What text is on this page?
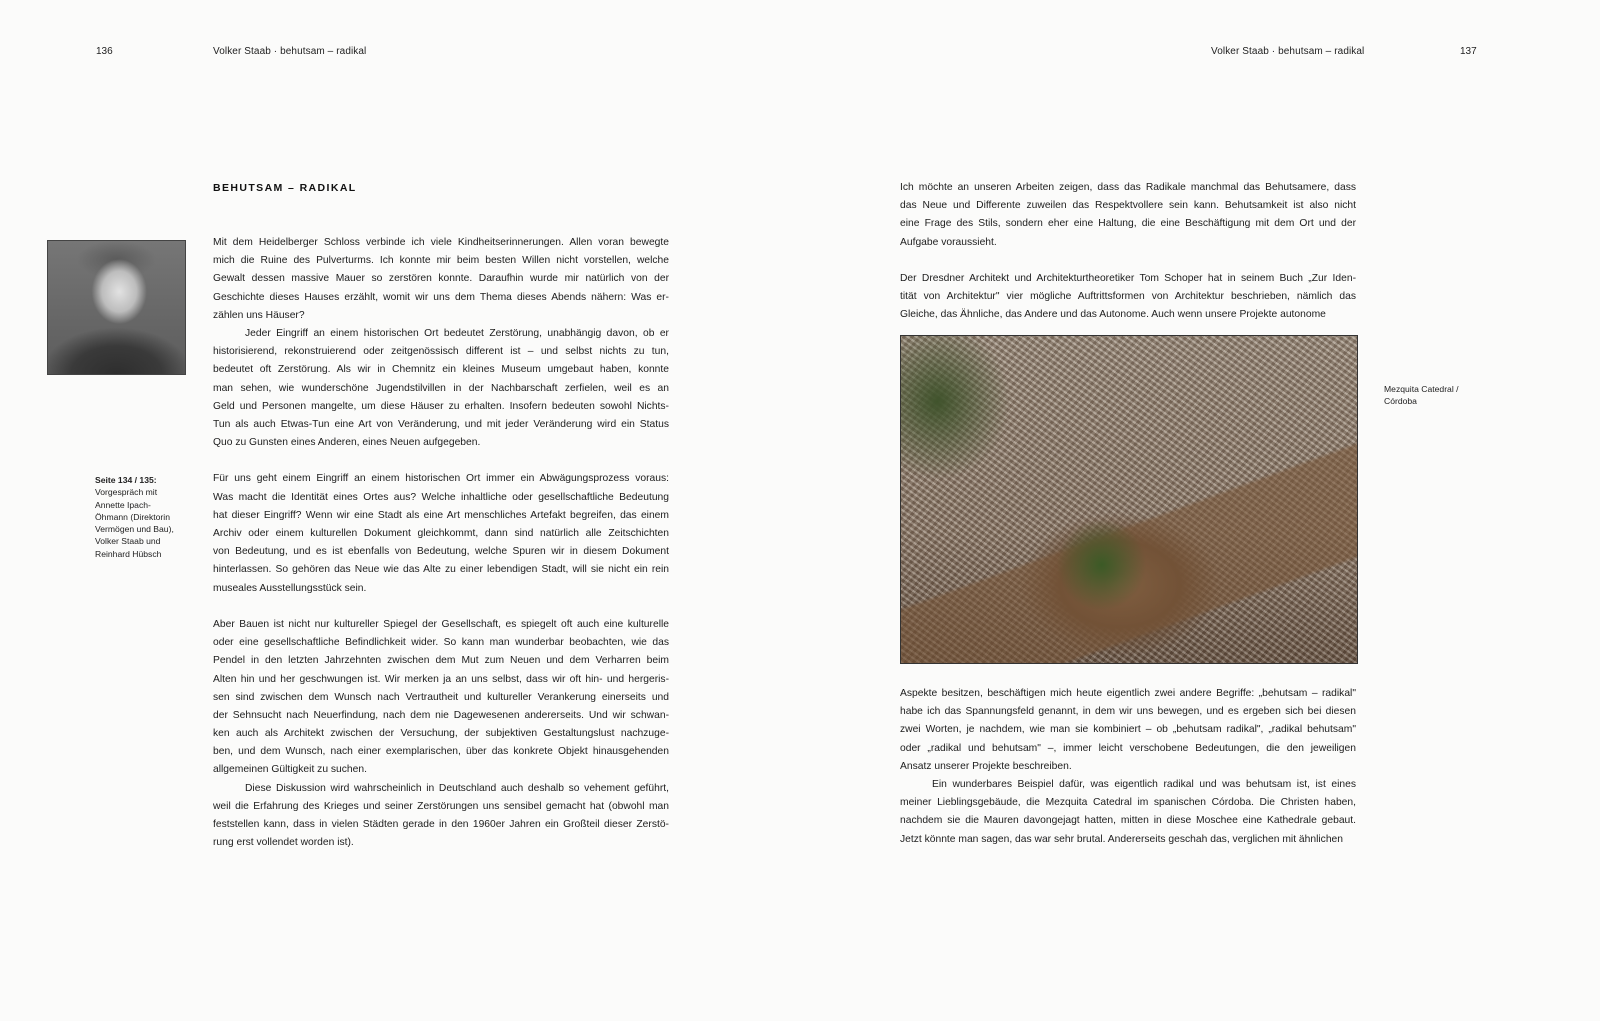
136	Volker Staab · behutsam – radikal
BEHUTSAM – RADIKAL
Seite 134 / 135:
Vorgespräch mit
Annette Ipach-
Öhmann (Direktorin
Vermögen und Bau),
Volker Staab und
Reinhard Hübsch
Mit dem Heidelberger Schloss verbinde ich viele Kindheitserinnerungen. Allen voran bewegte
mich die Ruine des Pulverturms. Ich konnte mir beim besten Willen nicht vorstellen, welche
Gewalt dessen massive Mauer so zerstören konnte. Daraufhin wurde mir natürlich von der
Geschichte dieses Hauses erzählt, womit wir uns dem Thema dieses Abends nähern: Was er-
zählen uns Häuser?
Jeder Eingriff an einem historischen Ort bedeutet Zerstörung, unabhängig davon, ob er
historisierend, rekonstruierend oder zeitgenössisch different ist – und selbst nichts zu tun,
bedeutet oft Zerstörung. Als wir in Chemnitz ein kleines Museum umgebaut haben, konnte
man sehen, wie wunderschöne Jugendstilvillen in der Nachbarschaft zerfielen, weil es an
Geld und Personen mangelte, um diese Häuser zu erhalten. Insofern bedeuten sowohl Nichts-
Tun als auch Etwas-Tun eine Art von Veränderung, und mit jeder Veränderung wird ein Status
Quo zu Gunsten eines Anderen, eines Neuen aufgegeben.
Für uns geht einem Eingriff an einem historischen Ort immer ein Abwägungsprozess voraus:
Was macht die Identität eines Ortes aus? Welche inhaltliche oder gesellschaftliche Bedeutung
hat dieser Eingriff? Wenn wir eine Stadt als eine Art menschliches Artefakt begreifen, das einem
Archiv oder einem kulturellen Dokument gleichkommt, dann sind natürlich alle Zeitschichten
von Bedeutung, und es ist ebenfalls von Bedeutung, welche Spuren wir in diesem Dokument
hinterlassen. So gehören das Neue wie das Alte zu einer lebendigen Stadt, will sie nicht ein rein
museales Ausstellungsstück sein.
Aber Bauen ist nicht nur kultureller Spiegel der Gesellschaft, es spiegelt oft auch eine kulturelle
oder eine gesellschaftliche Befindlichkeit wider. So kann man wunderbar beobachten, wie das
Pendel in den letzten Jahrzehnten zwischen dem Mut zum Neuen und dem Verharren beim
Alten hin und her geschwungen ist. Wir merken ja an uns selbst, dass wir oft hin- und hergeris-
sen sind zwischen dem Wunsch nach Vertrautheit und kultureller Verankerung einerseits und
der Sehnsucht nach Neuerfindung, nach dem nie Dagewesenen andererseits. Und wir schwan-
ken auch als Architekt zwischen der Versuchung, der subjektiven Gestaltungslust nachzuge-
ben, und dem Wunsch, nach einer exemplarischen, über das konkrete Objekt hinausgehenden
allgemeinen Gültigkeit zu suchen.
Diese Diskussion wird wahrscheinlich in Deutschland auch deshalb so vehement geführt,
weil die Erfahrung des Krieges und seiner Zerstörungen uns sensibel gemacht hat (obwohl man
feststellen kann, dass in vielen Städten gerade in den 1960er Jahren ein Großteil dieser Zerstö-
rung erst vollendet worden ist).
Volker Staab · behutsam – radikal	137
Ich möchte an unseren Arbeiten zeigen, dass das Radikale manchmal das Behutsamere, dass
das Neue und Differente zuweilen das Respektvollere sein kann. Behutsamkeit ist also nicht
eine Frage des Stils, sondern eher eine Haltung, die eine Beschäftigung mit dem Ort und der
Aufgabe voraussieht.
Der Dresdner Architekt und Architekturtheoretiker Tom Schoper hat in seinem Buch „Zur Iden-
tität von Architektur" vier mögliche Auftrittsformen von Architektur beschrieben, nämlich das
Gleiche, das Ähnliche, das Andere und das Autonome. Auch wenn unsere Projekte autonome
Mezquita Catedral /
Córdoba
Aspekte besitzen, beschäftigen mich heute eigentlich zwei andere Begriffe: „behutsam – radikal"
habe ich das Spannungsfeld genannt, in dem wir uns bewegen, und es ergeben sich bei diesen
zwei Worten, je nachdem, wie man sie kombiniert – ob „behutsam radikal", „radikal behutsam"
oder „radikal und behutsam" –, immer leicht verschobene Bedeutungen, die den jeweiligen
Ansatz unserer Projekte beschreiben.
Ein wunderbares Beispiel dafür, was eigentlich radikal und was behutsam ist, ist eines
meiner Lieblingsgebäude, die Mezquita Catedral im spanischen Córdoba. Die Christen haben,
nachdem sie die Mauren davongejagt hatten, mitten in diese Moschee eine Kathedrale gebaut.
Jetzt könnte man sagen, das war sehr brutal. Andererseits geschah das, verglichen mit ähnlichen
